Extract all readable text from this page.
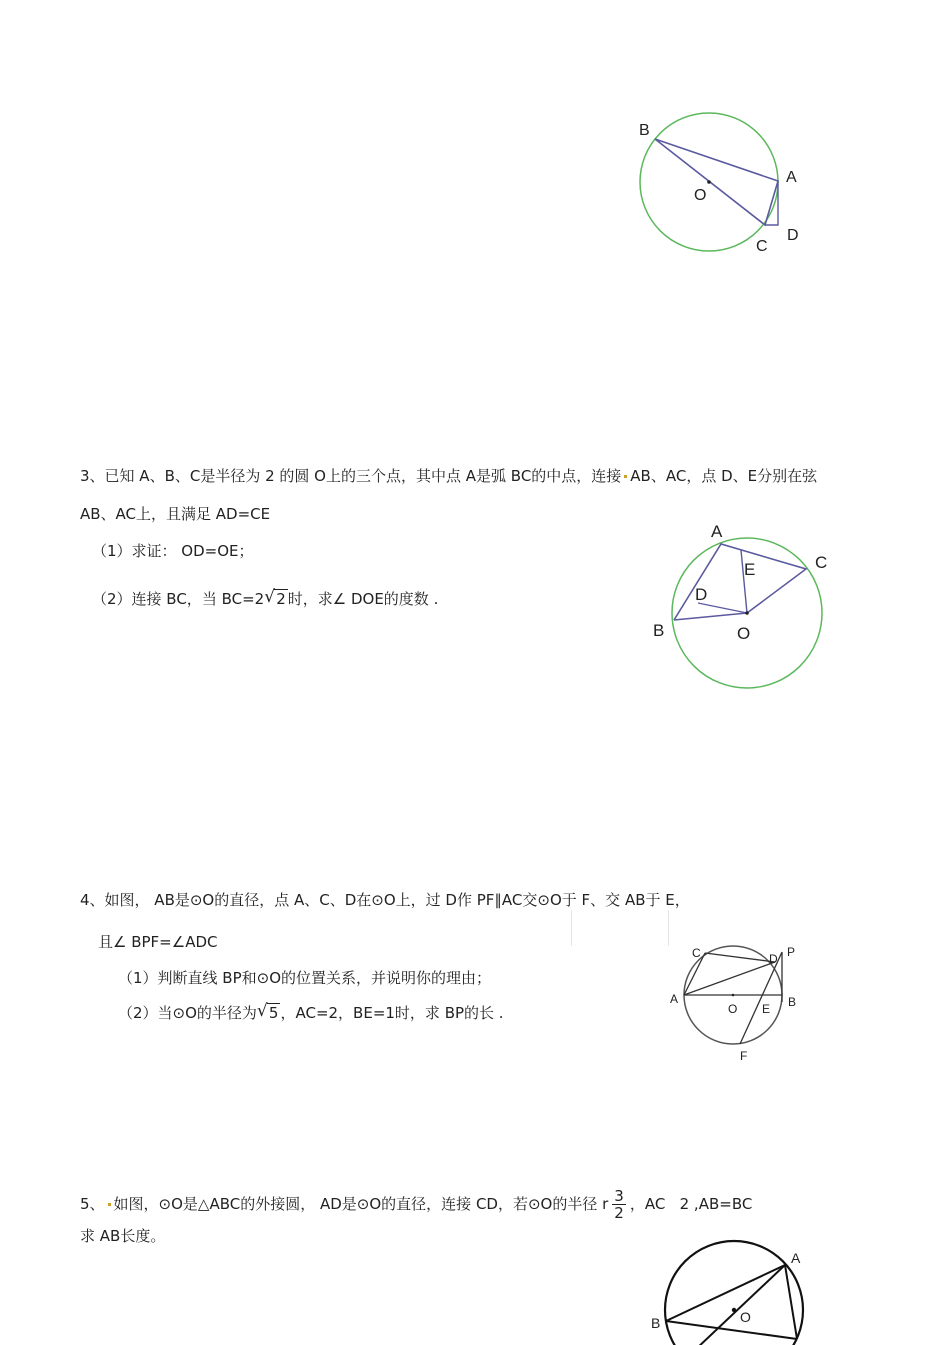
B
A
O
C
D
3、已知 A、B、C是半径为 2 的圆 O上的三个点，其中点 A是弧 BC的中点，连接 AB、AC，点 D、E分别在弦
AB、AC上，且满足 AD=CE
（1）求证： OD=OE；
（2）连接 BC，当 BC=2 √ 2 时，求∠ DOE的度数 .
A
C
E
D
B	O
4、如图， AB是⊙O的直径，点 A、C、D在⊙O上，过 D作 PF∥AC交⊙O于 F、交 AB于 E，
且∠ BPF=∠ADC
（1）判断直线 BP和⊙O的位置关系，并说明你的理由；
（2）当⊙O的半径为 √ 5 ，AC=2，BE=1时，求 BP的长 .
C	D P
A
O E B
F
5、 如图，⊙O是△ABC的外接圆， AD是⊙O的直径，连接 CD，若⊙O的半径 r $\frac{3}{2}$ ，AC 2 ,AB=BC
求 AB长度。
A
O
B
